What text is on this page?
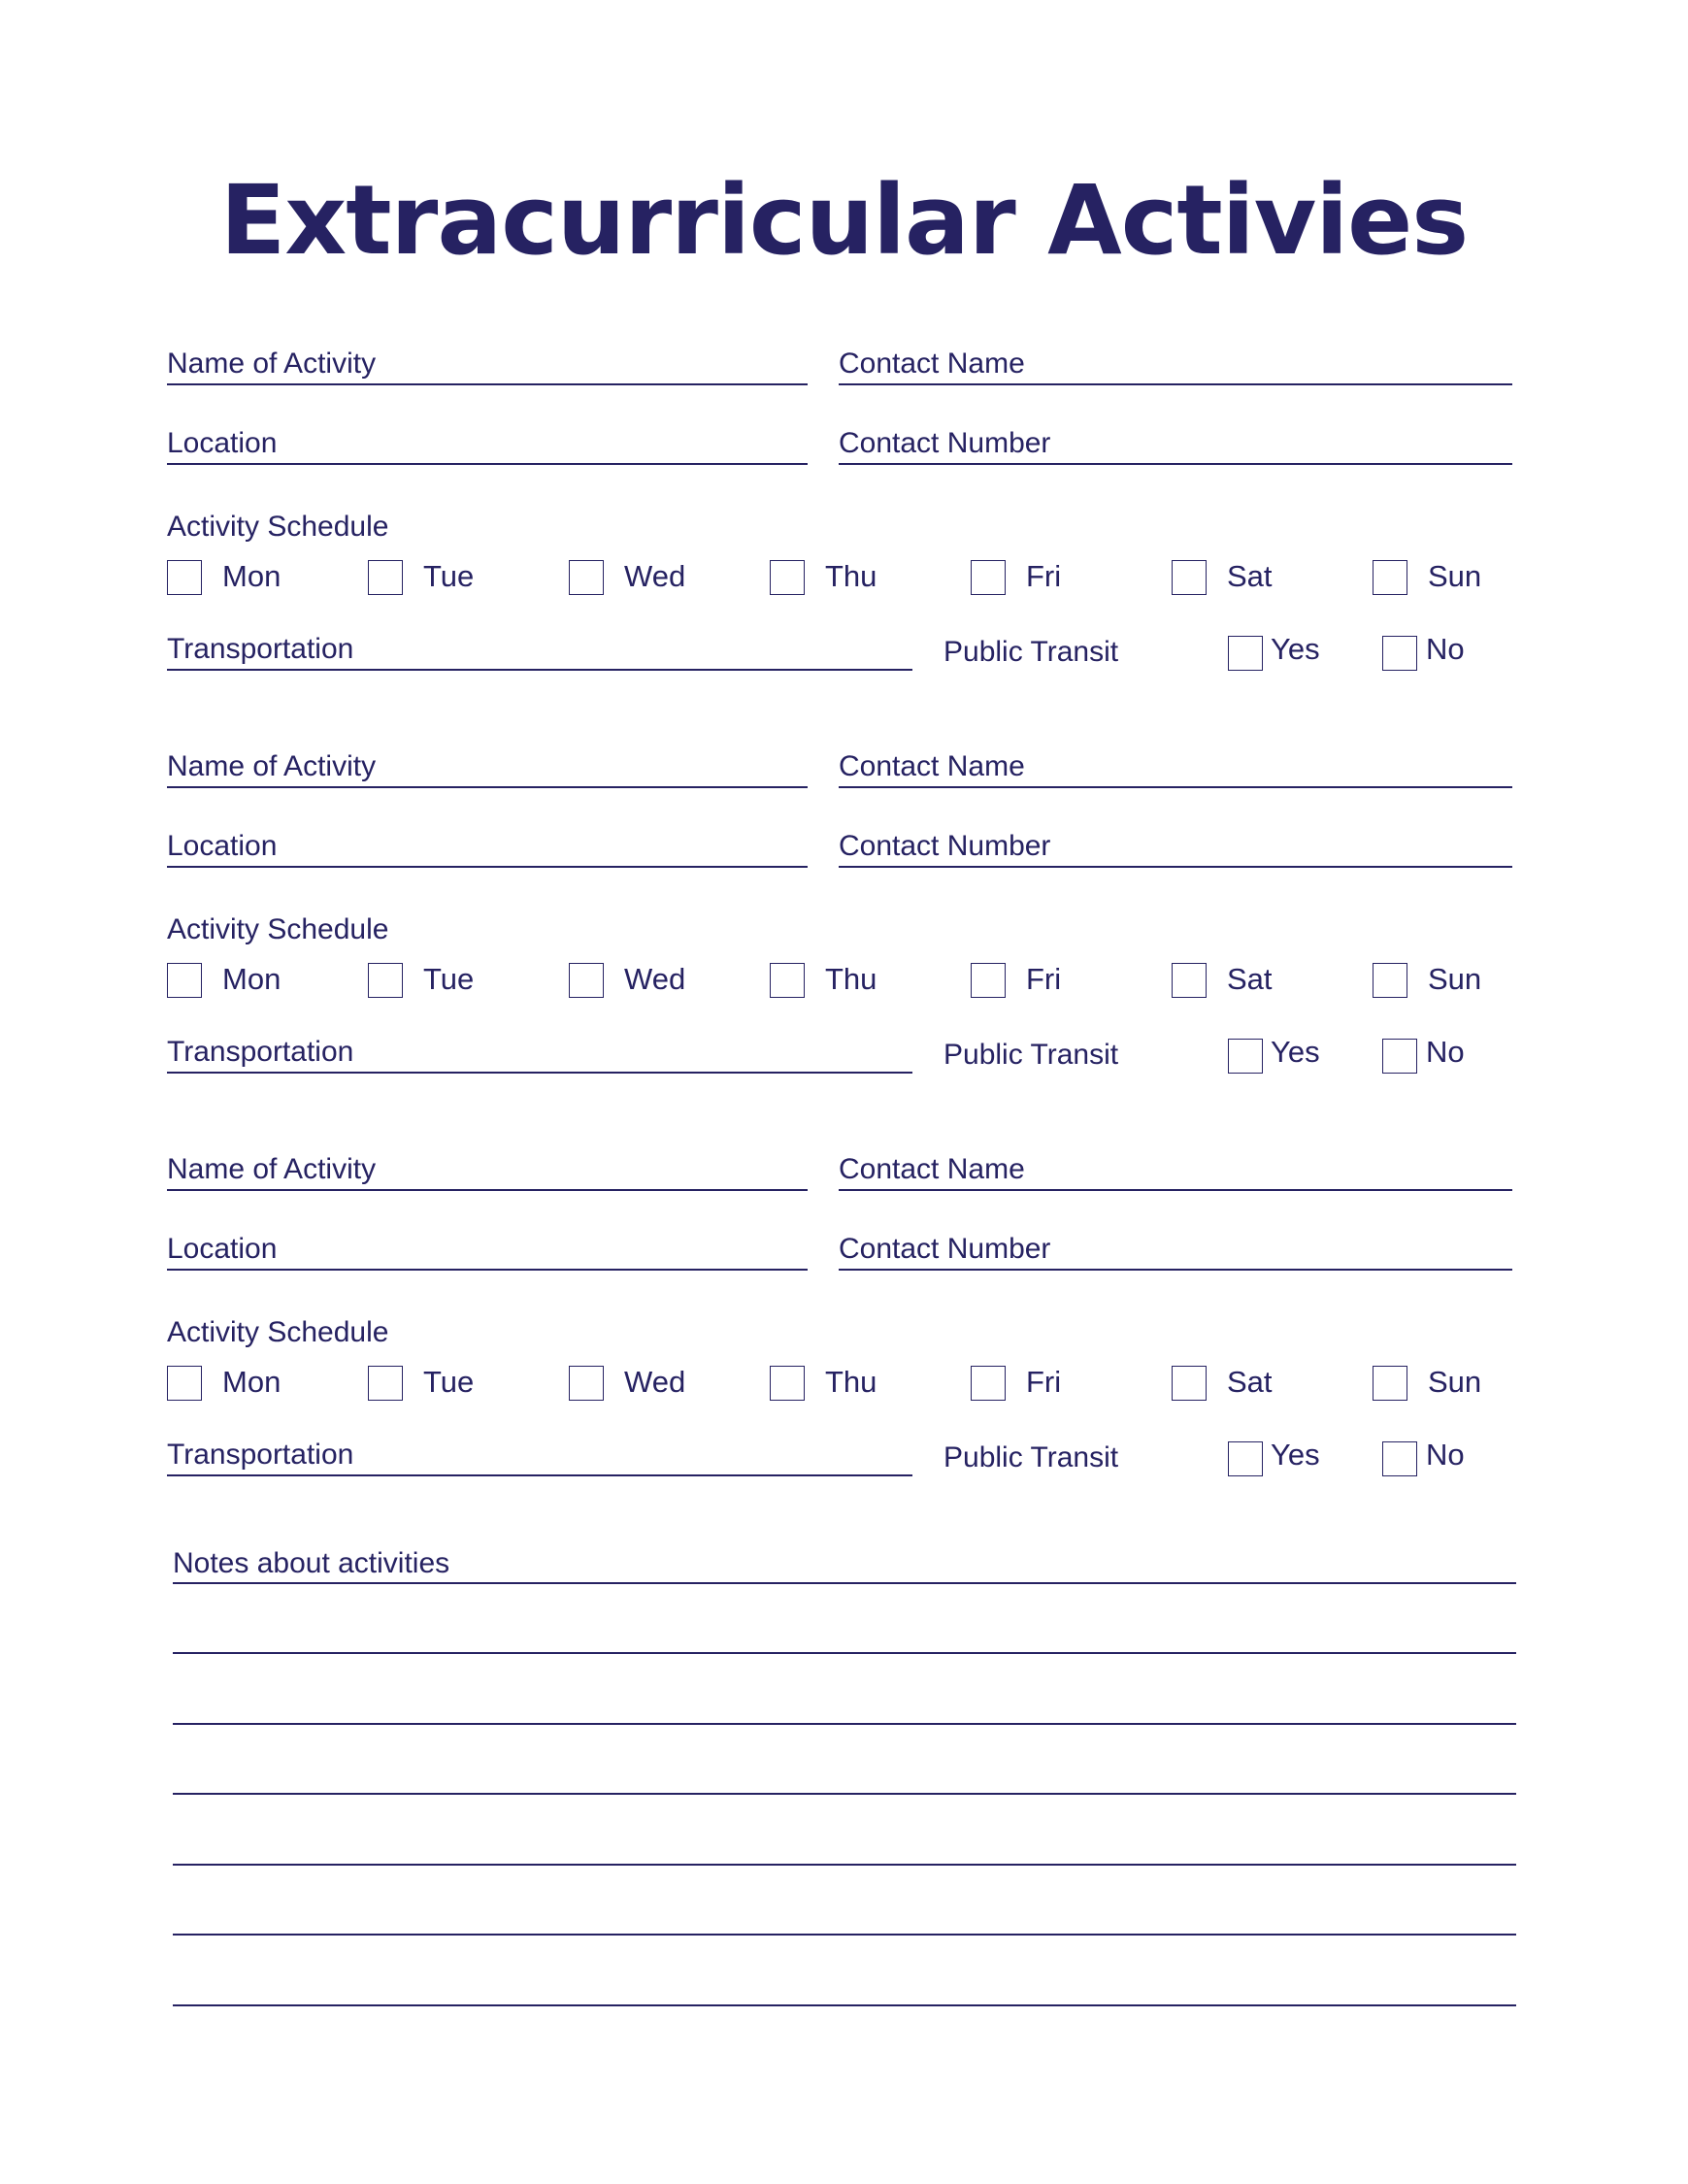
Extracurricular Activies
Name of Activity	Contact Name
Location	Contact Number
Activity Schedule
Mon	Tue	Wed	Thu	Fri	Sat	Sun
Transportation	Public Transit	Yes	No
Name of Activity	Contact Name
Location	Contact Number
Activity Schedule
Mon	Tue	Wed	Thu	Fri	Sat	Sun
Transportation	Public Transit	Yes	No
Name of Activity	Contact Name
Location	Contact Number
Activity Schedule
Mon	Tue	Wed	Thu	Fri	Sat	Sun
Transportation	Public Transit	Yes	No
Notes about activities
